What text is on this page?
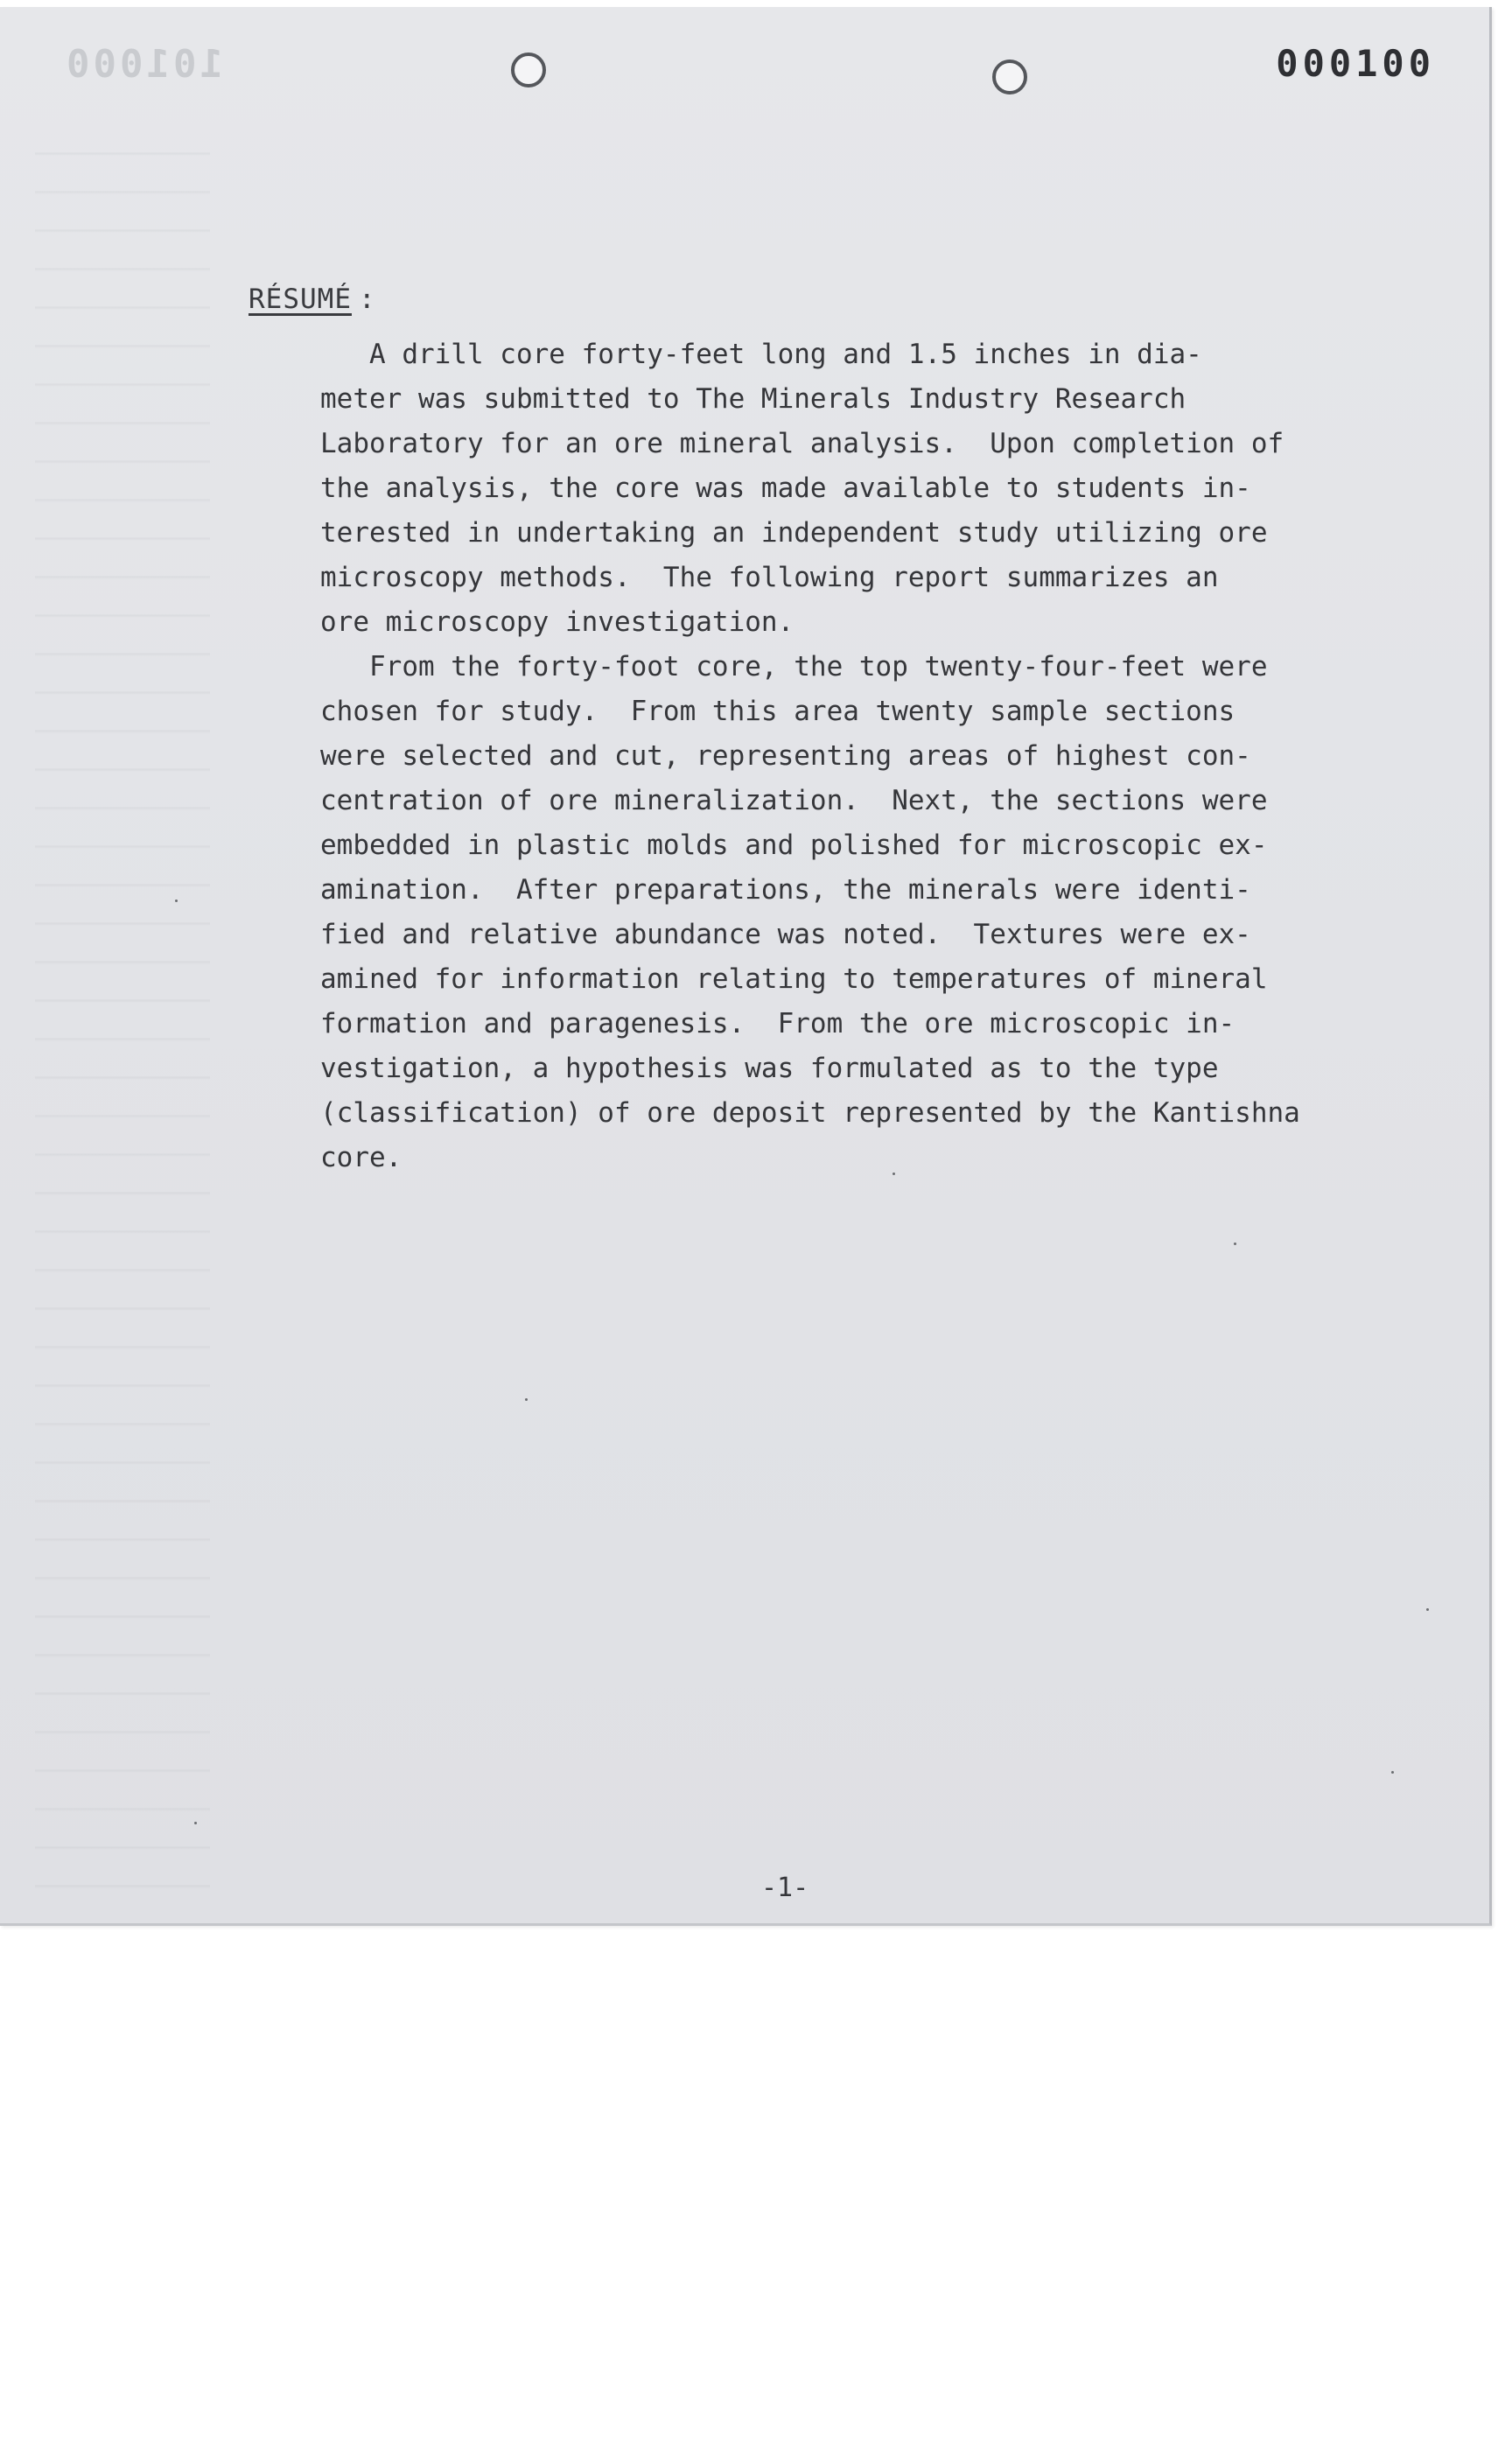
101000	000100
RÉSUMÉ :

A drill core forty-feet long and 1.5 inches in dia-

meter was submitted to The Minerals Industry Research

Laboratory for an ore mineral analysis.  Upon completion of

the analysis, the core was made available to students in-

terested in undertaking an independent study utilizing ore

microscopy methods.  The following report summarizes an

ore microscopy investigation.

From the forty-foot core, the top twenty-four-feet were

chosen for study.  From this area twenty sample sections

were selected and cut, representing areas of highest con-

centration of ore mineralization.  Next, the sections were

embedded in plastic molds and polished for microscopic ex-

amination.  After preparations, the minerals were identi-

fied and relative abundance was noted.  Textures were ex-

amined for information relating to temperatures of mineral

formation and paragenesis.  From the ore microscopic in-

vestigation, a hypothesis was formulated as to the type

(classification) of ore deposit represented by the Kantishna

core.

-1-
